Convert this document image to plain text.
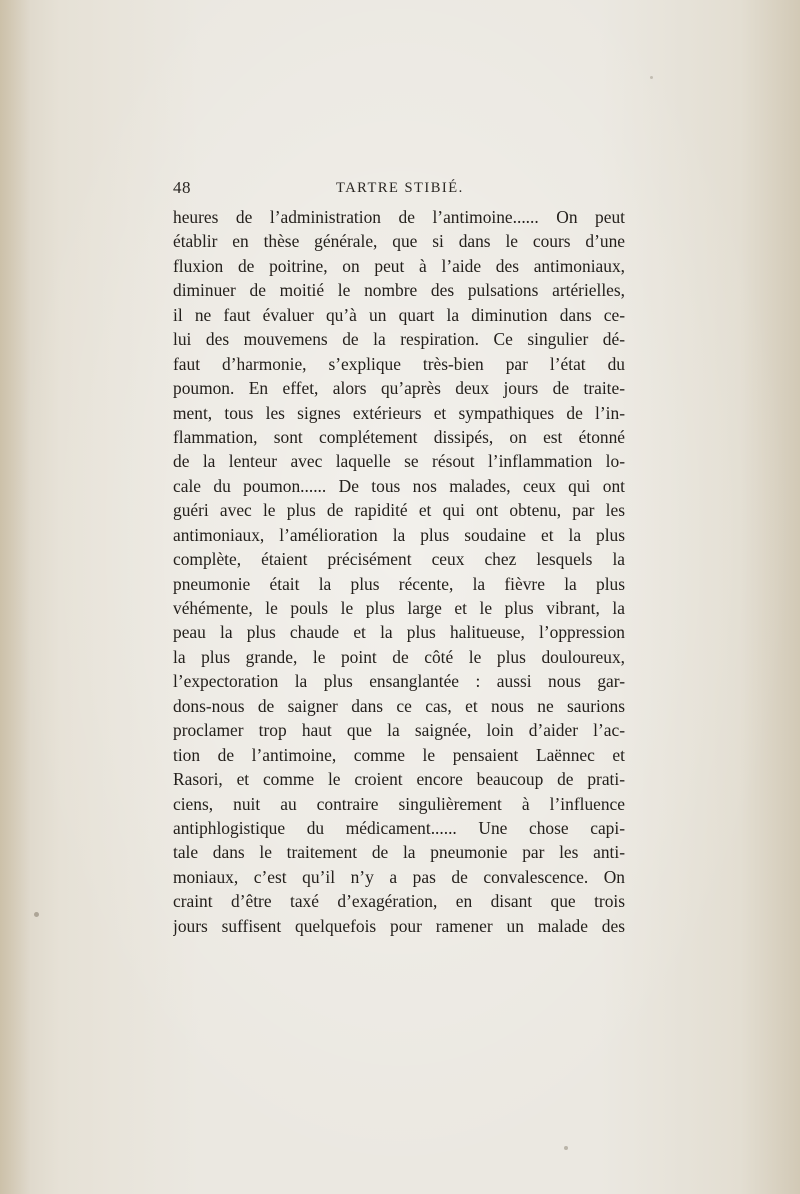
48	TARTRE STIBIÉ.
heures de l’administration de l’antimoine...... On peut
établir en thèse générale, que si dans le cours d’une
fluxion de poitrine, on peut à l’aide des antimoniaux,
diminuer de moitié le nombre des pulsations artérielles,
il ne faut évaluer qu’à un quart la diminution dans ce-
lui des mouvemens de la respiration. Ce singulier dé-
faut d’harmonie, s’explique très-bien par l’état du
poumon. En effet, alors qu’après deux jours de traite-
ment, tous les signes extérieurs et sympathiques de l’in-
flammation, sont complétement dissipés, on est étonné
de la lenteur avec laquelle se résout l’inflammation lo-
cale du poumon...... De tous nos malades, ceux qui ont
guéri avec le plus de rapidité et qui ont obtenu, par les
antimoniaux, l’amélioration la plus soudaine et la plus
complète, étaient précisément ceux chez lesquels la
pneumonie était la plus récente, la fièvre la plus
véhémente, le pouls le plus large et le plus vibrant, la
peau la plus chaude et la plus halitueuse, l’oppression
la plus grande, le point de côté le plus douloureux,
l’expectoration la plus ensanglantée : aussi nous gar-
dons-nous de saigner dans ce cas, et nous ne saurions
proclamer trop haut que la saignée, loin d’aider l’ac-
tion de l’antimoine, comme le pensaient Laënnec et
Rasori, et comme le croient encore beaucoup de prati-
ciens, nuit au contraire singulièrement à l’influence
antiphlogistique du médicament...... Une chose capi-
tale dans le traitement de la pneumonie par les anti-
moniaux, c’est qu’il n’y a pas de convalescence. On
craint d’être taxé d’exagération, en disant que trois
jours suffisent quelquefois pour ramener un malade des
